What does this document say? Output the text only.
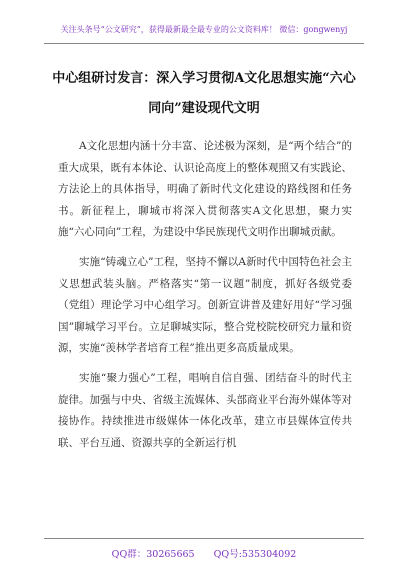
关注头条号“公文研究”，获得最新最全最专业的公文资料库！ 微信：gongwenyj
中心组研讨发言：深入学习贯彻A文化思想实施“六心同向”建设现代文明

A文化思想内涵十分丰富、论述极为深刻，是“两个结合”的重大成果，既有本体论、认识论高度上的整体观照又有实践论、方法论上的具体指导，明确了新时代文化建设的路线图和任务书。新征程上，聊城市将深入贯彻落实A文化思想，聚力实施“六心同向”工程，为建设中华民族现代文明作出聊城贡献。

实施“铸魂立心”工程，坚持不懈以A新时代中国特色社会主义思想武装头脑。严格落实“第一议题”制度，抓好各级党委（党组）理论学习中心组学习。创新宣讲普及建好用好“学习强国”聊城学习平台。立足聊城实际，整合党校院校研究力量和资源，实施“羡林学者培育工程”推出更多高质量成果。

实施“聚力强心”工程，唱响自信自强、团结奋斗的时代主旋律。加强与中央、省级主流媒体、头部商业平台海外媒体等对接协作。持续推进市级媒体一体化改革，建立市县媒体宣传共联、平台互通、资源共享的全新运行机

QQ群：30265665 QQ号:535304092
